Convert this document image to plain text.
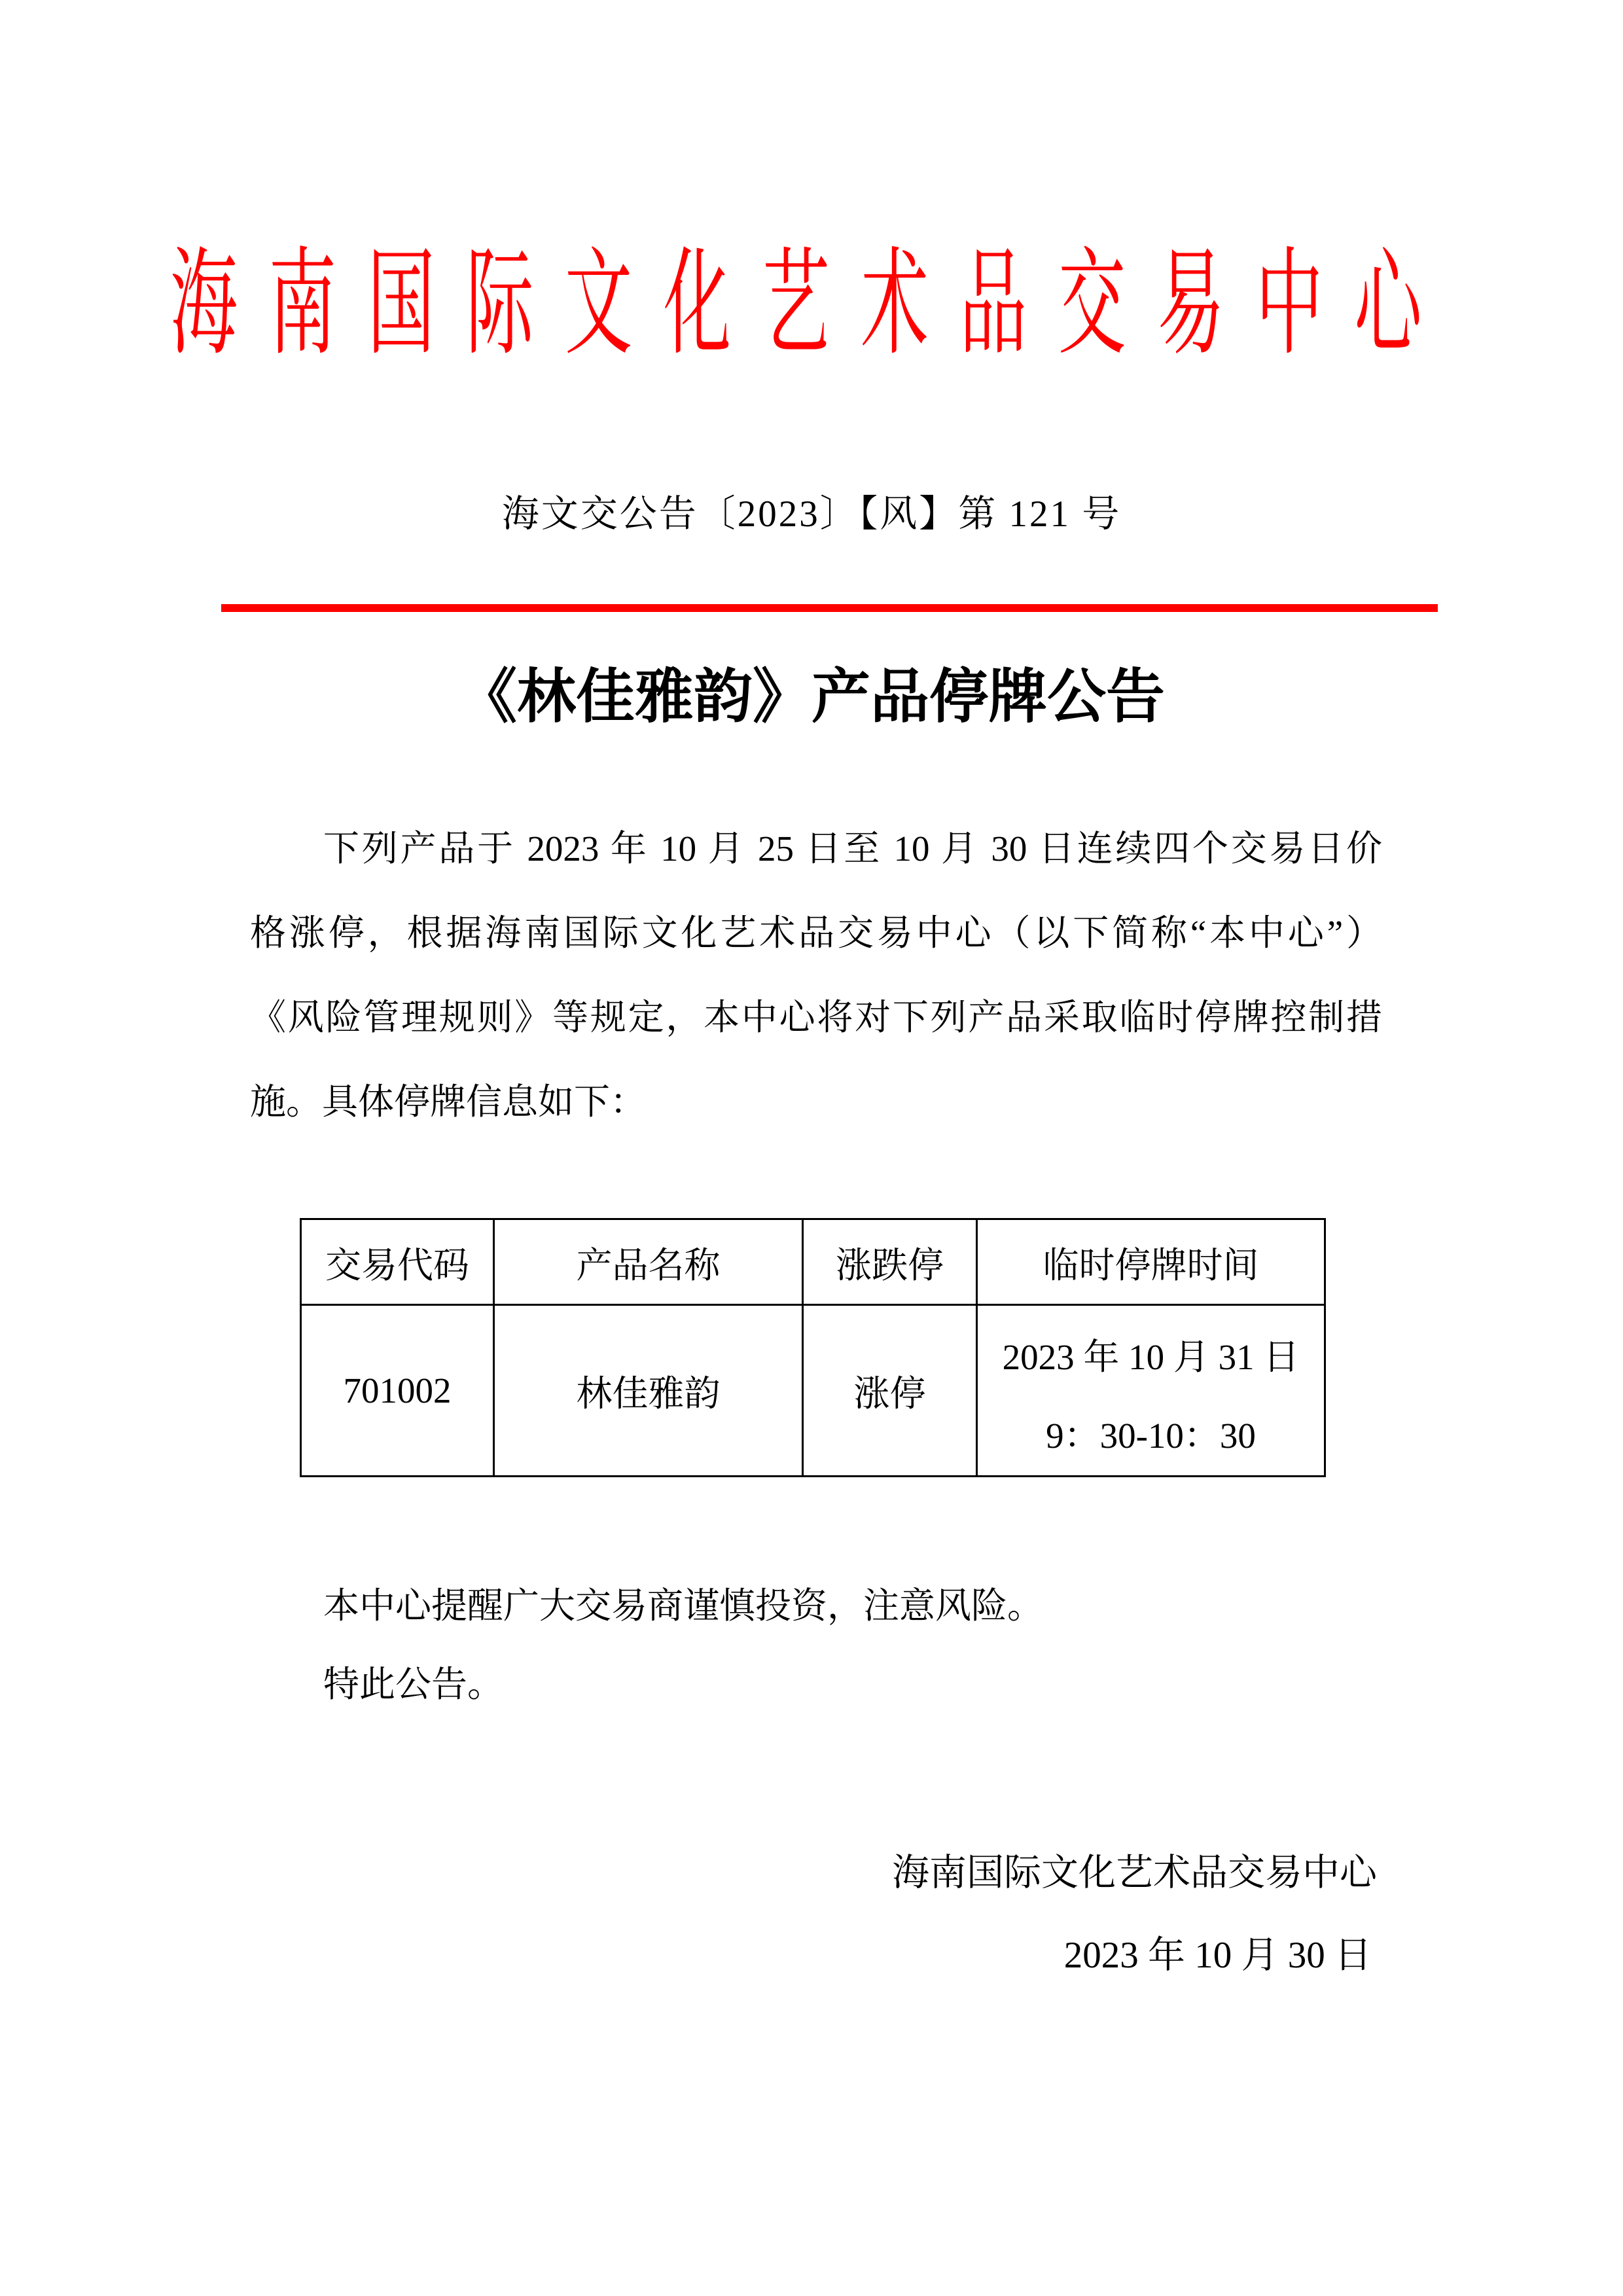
海南国际文化艺术品交易中心
海文交公告〔2023〕【风】第 121 号
《林佳雅韵》产品停牌公告
下列产品于 2023 年 10 月 25 日至 10 月 30 日连续四个交易日价
格涨停，根据海南国际文化艺术品交易中心（以下简称“本中心”）
《风险管理规则》等规定，本中心将对下列产品采取临时停牌控制措
施。具体停牌信息如下：
交易代码	产品名称	涨跌停	临时停牌时间
701002	林佳雅韵	涨停	2023 年 10 月 31 日
9：30-10：30
本中心提醒广大交易商谨慎投资，注意风险。
特此公告。
海南国际文化艺术品交易中心
2023 年 10 月 30 日
